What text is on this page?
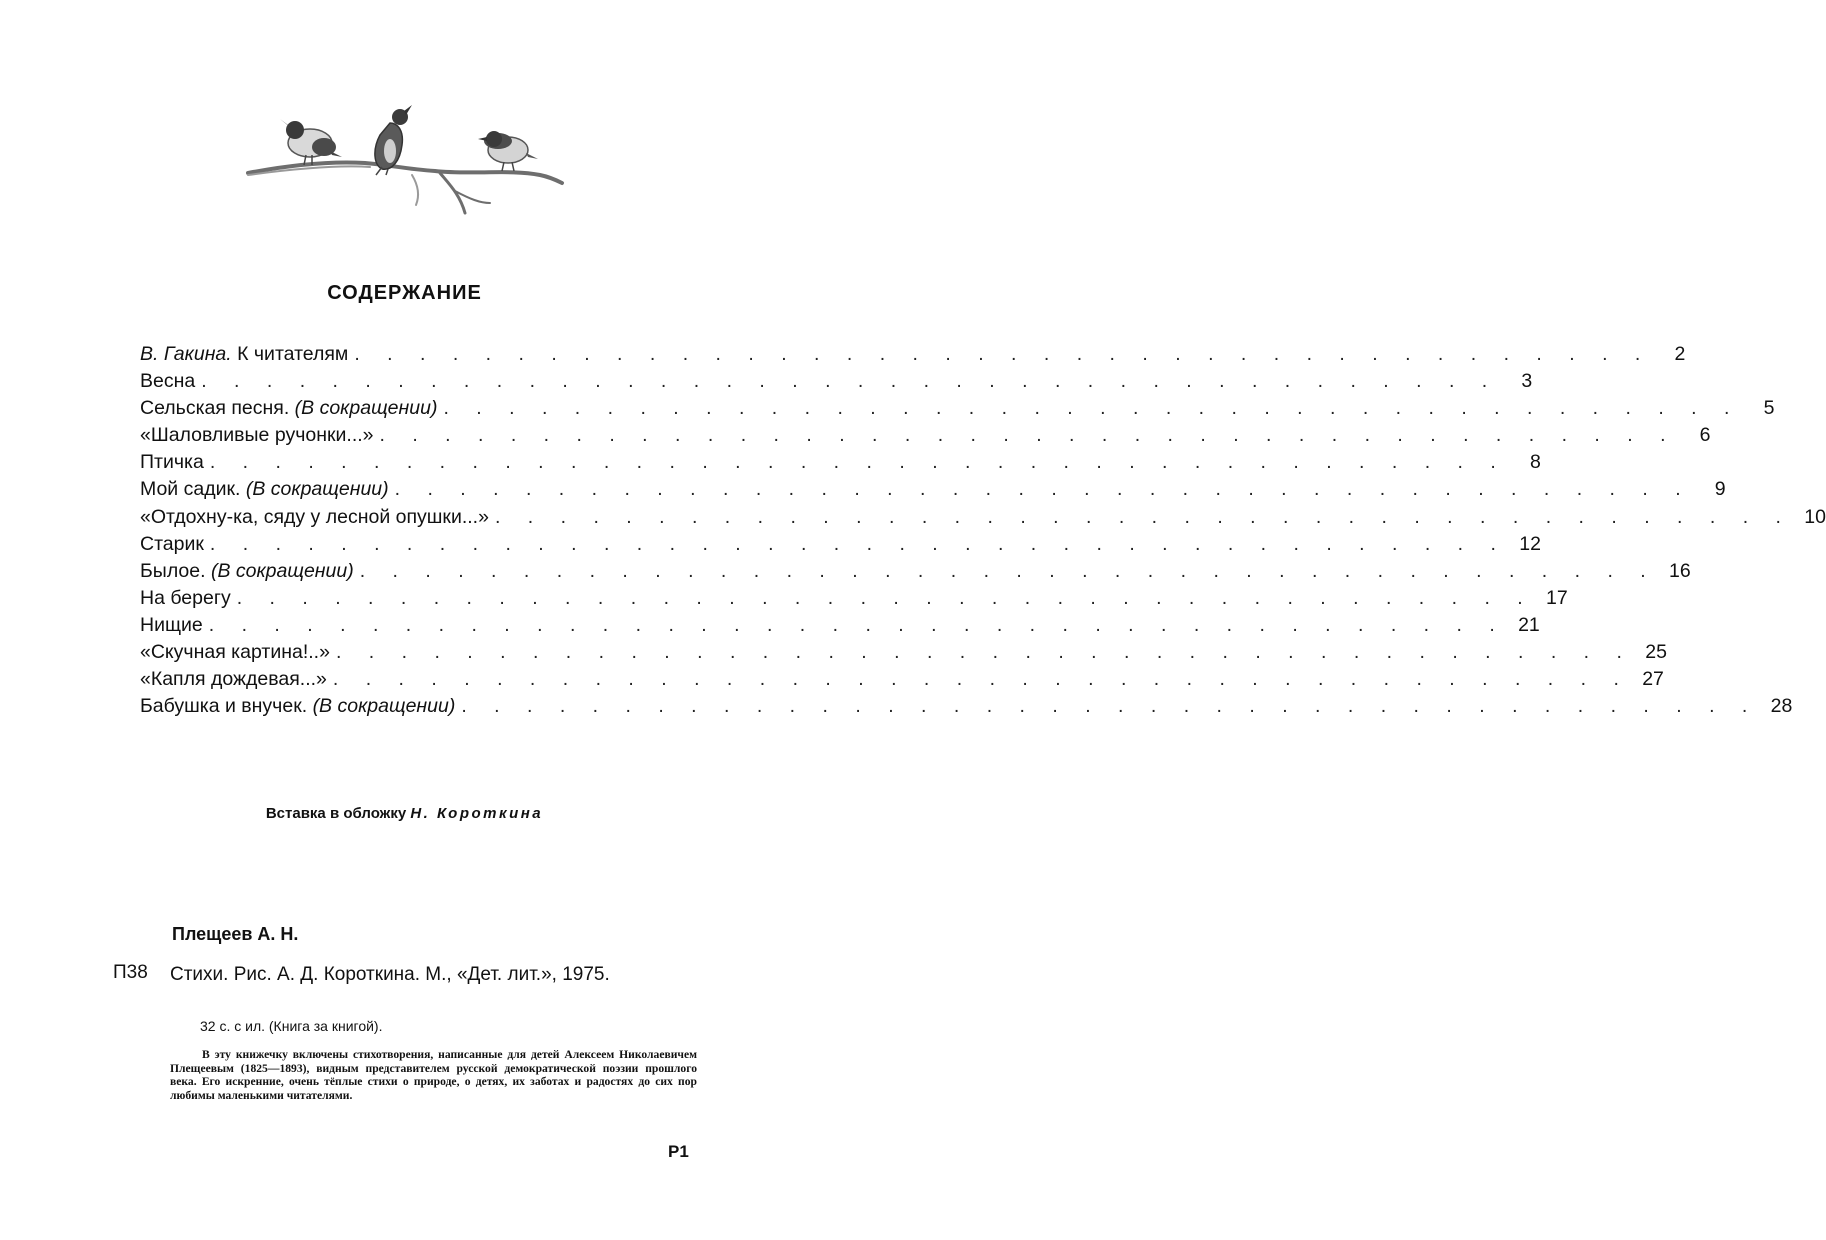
СОДЕРЖАНИЕ
В. Гакина. К читателям . . . . . . . . . . . . . . . . . . . . . . . . . . . . . . . . . . . . . . . .	2
Весна . . . . . . . . . . . . . . . . . . . . . . . . . . . . . . . . . . . . . . . .	3
Сельская песня. (В сокращении) . . . . . . . . . . . . . . . . . . . . . . . . . . . . . . . . . . . . . . . .	5
«Шаловливые ручонки...» . . . . . . . . . . . . . . . . . . . . . . . . . . . . . . . . . . . . . . . .	6
Птичка . . . . . . . . . . . . . . . . . . . . . . . . . . . . . . . . . . . . . . . .	8
Мой садик. (В сокращении) . . . . . . . . . . . . . . . . . . . . . . . . . . . . . . . . . . . . . . . .	9
«Отдохну-ка, сяду у лесной опушки...» . . . . . . . . . . . . . . . . . . . . . . . . . . . . . . . . . . . . . . . . 10
Старик . . . . . . . . . . . . . . . . . . . . . . . . . . . . . . . . . . . . . . . . 12
Былое. (В сокращении) . . . . . . . . . . . . . . . . . . . . . . . . . . . . . . . . . . . . . . . . 16
На берегу . . . . . . . . . . . . . . . . . . . . . . . . . . . . . . . . . . . . . . . . 17
Нищие . . . . . . . . . . . . . . . . . . . . . . . . . . . . . . . . . . . . . . . . 21
«Скучная картина!..» . . . . . . . . . . . . . . . . . . . . . . . . . . . . . . . . . . . . . . . . 25
«Капля дождевая...» . . . . . . . . . . . . . . . . . . . . . . . . . . . . . . . . . . . . . . . . 27
Бабушка и внучек. (В сокращении) . . . . . . . . . . . . . . . . . . . . . . . . . . . . . . . . . . . . . . . . 28
Вставка в обложку Н. Короткина
Плещеев А. Н.
П38 Стихи. Рис. А. Д. Короткина. М., «Дет. лит.», 1975.
32 с. с ил. (Книга за книгой).
В эту книжечку включены стихотворения, написанные для детей Алексеем Николаевичем Плещеевым (1825—1893), видным представителем русской демократической поэзии прошлого века. Его искренние, очень тёплые стихи о природе, о детях, их заботах и радостях до сих пор любимы маленькими читателями.
Р1
